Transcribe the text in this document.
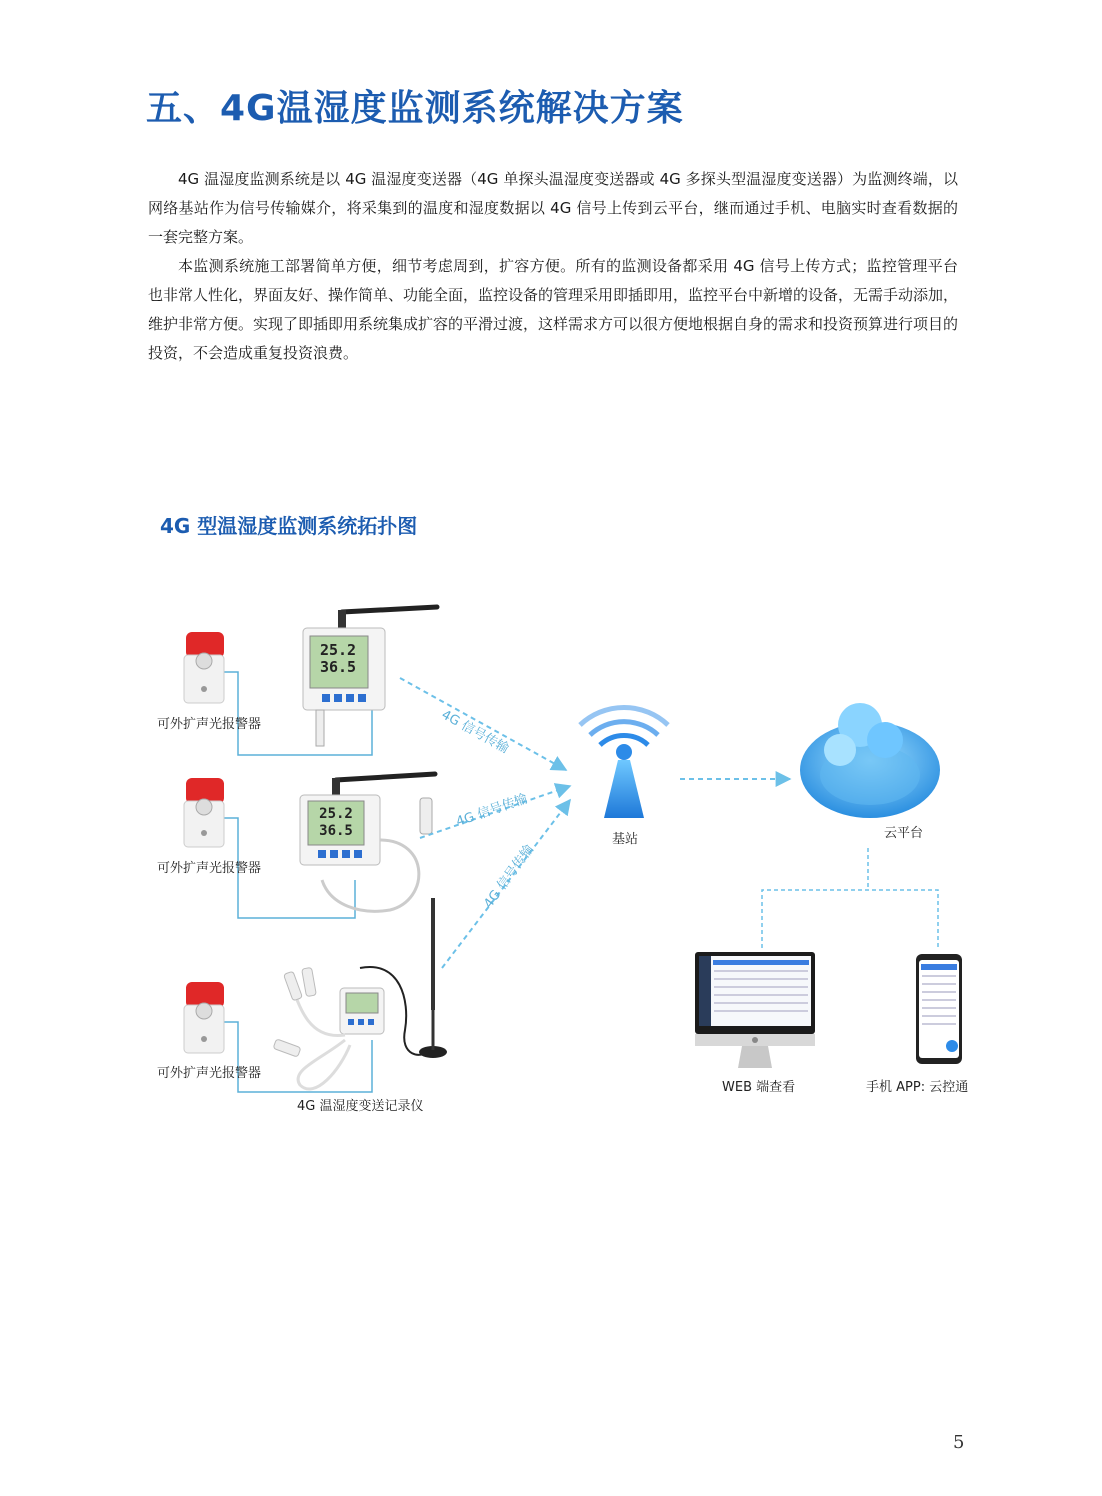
五、4G温湿度监测系统解决方案

4G 温湿度监测系统是以 4G 温湿度变送器（4G 单探头温湿度变送器或 4G 多探头型温湿度变送器）为监测终端，以网络基站作为信号传输媒介，将采集到的温度和湿度数据以 4G 信号上传到云平台，继而通过手机、电脑实时查看数据的一套完整方案。

本监测系统施工部署简单方便，细节考虑周到，扩容方便。所有的监测设备都采用 4G 信号上传方式；监控管理平台也非常人性化，界面友好、操作简单、功能全面，监控设备的管理采用即插即用，监控平台中新增的设备，无需手动添加，维护非常方便。实现了即插即用系统集成扩容的平滑过渡，这样需求方可以很方便地根据自身的需求和投资预算进行项目的投资，不会造成重复投资浪费。

4G 型温湿度监测系统拓扑图
25.2
36.5
25.2
36.5
4G 信号传输
4G 信号传输
4G 信号传输
可外扩声光报警器
可外扩声光报警器
可外扩声光报警器
4G 温湿度变送记录仪
基站	云平台
WEB 端查看	手机 APP: 云控通
5
